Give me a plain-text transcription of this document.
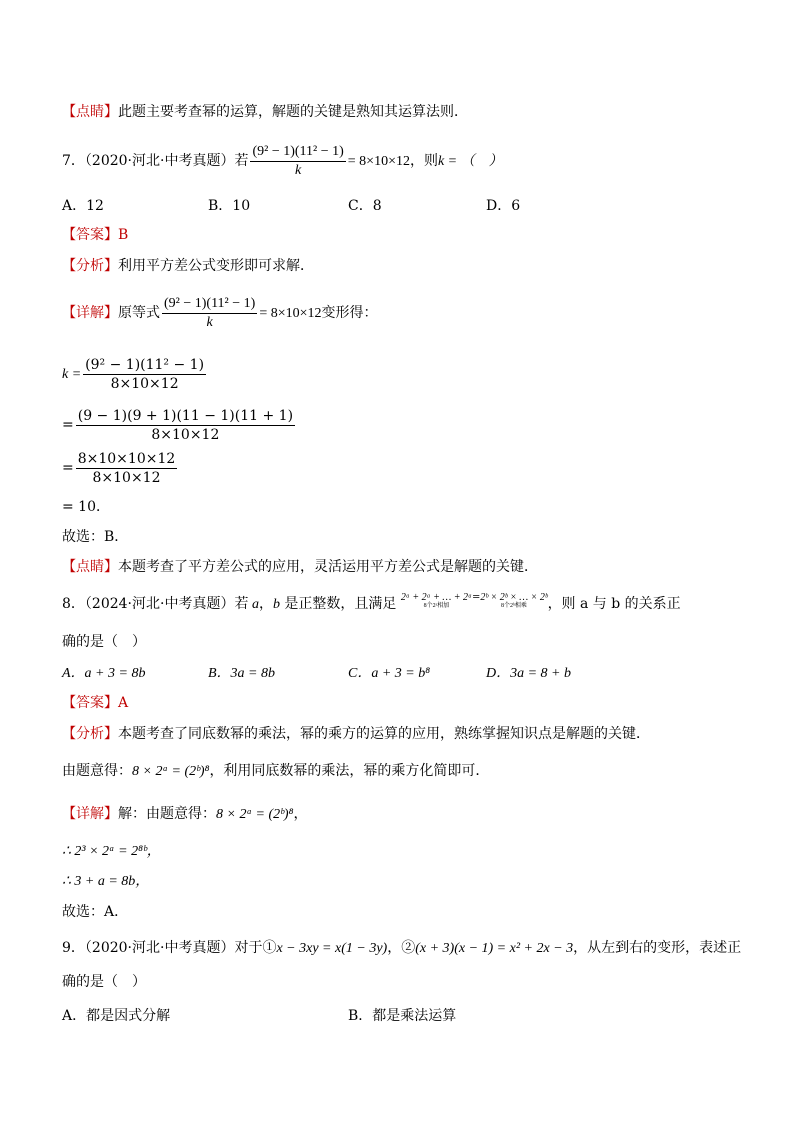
【点睛】此题主要考查幂的运算，解题的关键是熟知其运算法则．
7．（2020·河北·中考真题）若 $\frac{\text{(9² − 1)(11² − 1)}}{k} = 8\times 10\times 12$，则k = （　）
A．12	B．10	C．8	D．6
【答案】B
【分析】利用平方差公式变形即可求解．
【详解】原等式 $\frac{\text{(9² − 1)(11² − 1)}}{k} = 8\times 10\times 12$变形得：
$k = \frac{\text{(9² − 1)(11² − 1)}}{8\times 10\times 12}$
= $\frac{(9 - 1)(9 + 1)(11 - 1)(11 + 1)}{8\times 10\times 12}$
= $\frac{8\times 10\times 10\times 12}{8\times 10\times 12}$
= 10．
故选：B．
【点睛】本题考查了平方差公式的应用，灵活运用平方差公式是解题的关键．
8．（2024·河北·中考真题）若 a，b 是正整数，且满足 2ᵃ + 2ᵃ + … + 2ᵃ
8个2ᵃ相加
=2ᵇ × 2ᵇ × … × 2ᵇ
8个2ᵇ相乘	，则 a 与 b 的关系正
确的是（　）
A．a + 3 = 8b	B．3a = 8b	C．a + 3 = b⁸	D．3a = 8 + b
【答案】A
【分析】本题考查了同底数幂的乘法，幂的乘方的运算的应用，熟练掌握知识点是解题的关键．
由题意得：8 × 2ᵃ = (2ᵇ)⁸，利用同底数幂的乘法，幂的乘方化简即可．
【详解】解：由题意得：8 × 2ᵃ = (2ᵇ)⁸，
∴ 2³ × 2ᵃ = 2⁸ᵇ，
∴ 3 + a = 8b，
故选：A．
9．（2020·河北·中考真题）对于①x − 3xy = x(1 − 3y)，②(x + 3)(x − 1) = x² + 2x − 3，从左到右的变形，表述正
确的是（　）
A．都是因式分解	B．都是乘法运算
